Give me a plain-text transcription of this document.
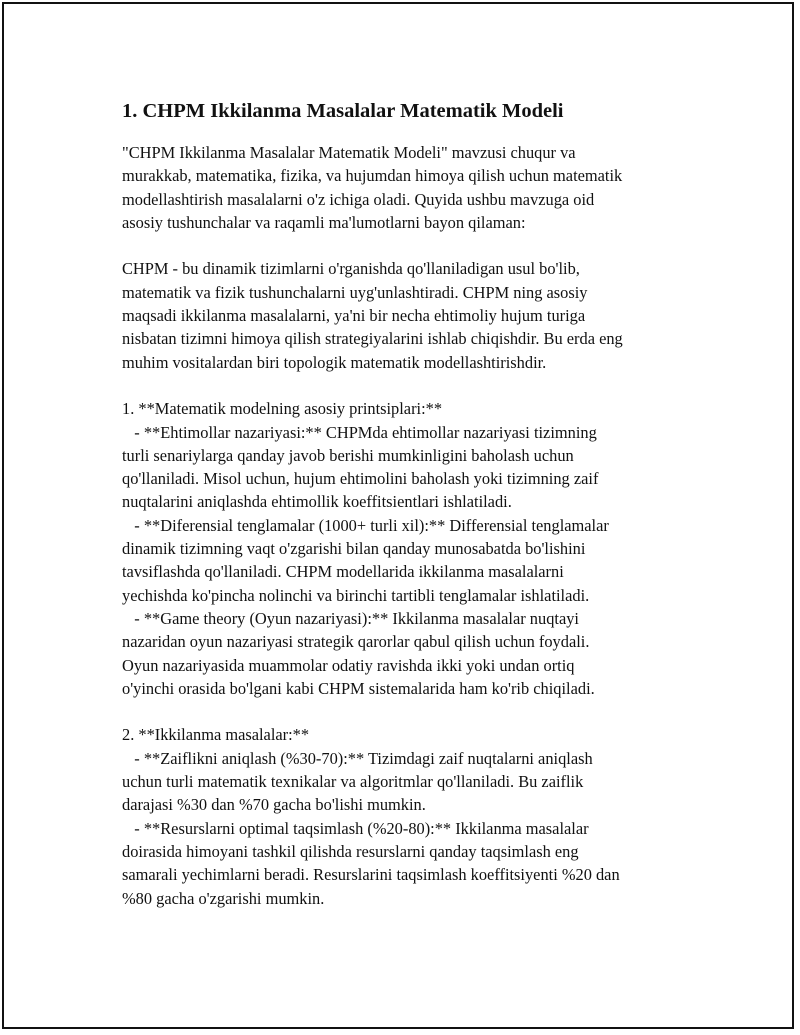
1. CHPM Ikkilanma Masalalar Matematik Modeli
"CHPM Ikkilanma Masalalar Matematik Modeli" mavzusi chuqur va
murakkab, matematika, fizika, va hujumdan himoya qilish uchun matematik
modellashtirish masalalarni o'z ichiga oladi. Quyida ushbu mavzuga oid
asosiy tushunchalar va raqamli ma'lumotlarni bayon qilaman:

CHPM - bu dinamik tizimlarni o'rganishda qo'llaniladigan usul bo'lib,
matematik va fizik tushunchalarni uyg'unlashtiradi. CHPM ning asosiy
maqsadi ikkilanma masalalarni, ya'ni bir necha ehtimoliy hujum turiga
nisbatan tizimni himoya qilish strategiyalarini ishlab chiqishdir. Bu erda eng
muhim vositalardan biri topologik matematik modellashtirishdir.

1. **Matematik modelning asosiy printsiplari:**
- **Ehtimollar nazariyasi:** CHPMda ehtimollar nazariyasi tizimning
turli senariylarga qanday javob berishi mumkinligini baholash uchun
qo'llaniladi. Misol uchun, hujum ehtimolini baholash yoki tizimning zaif
nuqtalarini aniqlashda ehtimollik koeffitsientlari ishlatiladi.
- **Diferensial tenglamalar (1000+ turli xil):** Differensial tenglamalar
dinamik tizimning vaqt o'zgarishi bilan qanday munosabatda bo'lishini
tavsiflashda qo'llaniladi. CHPM modellarida ikkilanma masalalarni
yechishda ko'pincha nolinchi va birinchi tartibli tenglamalar ishlatiladi.
- **Game theory (Oyun nazariyasi):** Ikkilanma masalalar nuqtayi
nazaridan oyun nazariyasi strategik qarorlar qabul qilish uchun foydali.
Oyun nazariyasida muammolar odatiy ravishda ikki yoki undan ortiq
o'yinchi orasida bo'lgani kabi CHPM sistemalarida ham ko'rib chiqiladi.

2. **Ikkilanma masalalar:**
- **Zaiflikni aniqlash (%30-70):** Tizimdagi zaif nuqtalarni aniqlash
uchun turli matematik texnikalar va algoritmlar qo'llaniladi. Bu zaiflik
darajasi %30 dan %70 gacha bo'lishi mumkin.
- **Resurslarni optimal taqsimlash (%20-80):** Ikkilanma masalalar
doirasida himoyani tashkil qilishda resurslarni qanday taqsimlash eng
samarali yechimlarni beradi. Resurslarini taqsimlash koeffitsiyenti %20 dan
%80 gacha o'zgarishi mumkin.
